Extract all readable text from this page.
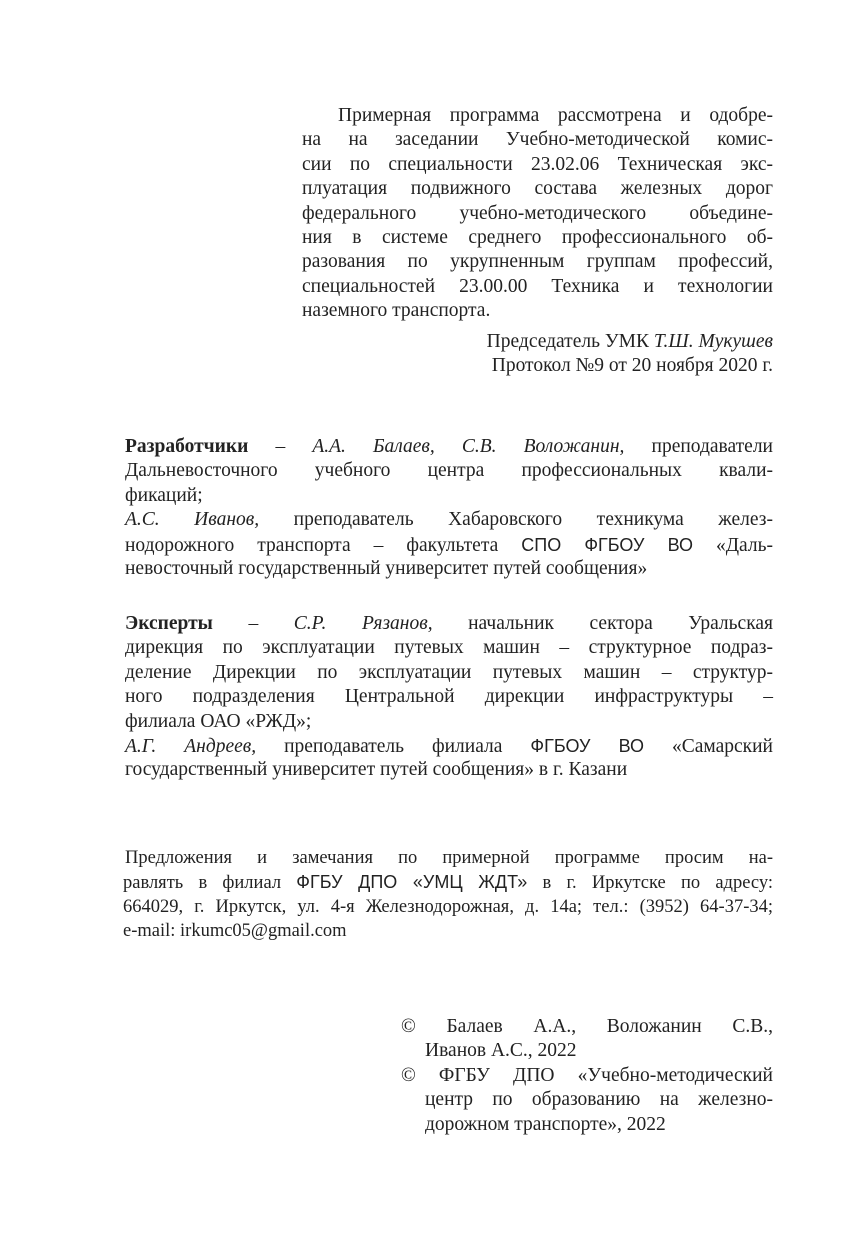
Примерная программа рассмотрена и одобре-
на на заседании Учебно-методической комис-
сии по специальности 23.02.06 Техническая экс-
плуатация подвижного состава железных дорог
федерального учебно-методического объедине-
ния в системе среднего профессионального об-
разования по укрупненным группам профессий,
специальностей 23.00.00 Техника и технологии
наземного транспорта.
Председатель УМК Т.Ш. Мукушев
Протокол №9 от 20 ноября 2020 г.
Разработчики – А.А. Балаев, С.В. Воложанин, преподаватели
Дальневосточного учебного центра профессиональных квали-
фикаций;
А.С. Иванов, преподаватель Хабаровского техникума желез-
нодорожного транспорта – факультета СПО ФГБОУ ВО «Даль-
невосточный государственный университет путей сообщения»
Эксперты – С.Р. Рязанов, начальник сектора Уральская
дирекция по эксплуатации путевых машин – структурное подраз-
деление Дирекции по эксплуатации путевых машин – структур-
ного подразделения Центральной дирекции инфраструктуры –
филиала ОАО «РЖД»;
А.Г. Андреев, преподаватель филиала ФГБОУ ВО «Самарский
государственный университет путей сообщения» в г. Казани
Предложения и замечания по примерной программе просим на-
равлять в филиал ФГБУ ДПО «УМЦ ЖДТ» в г. Иркутске по адресу:
664029, г. Иркутск, ул. 4-я Железнодорожная, д. 14а; тел.: (3952) 64-37-34;
e-mail: irkumc05@gmail.com
© Балаев А.А., Воложанин С.В.,
Иванов А.С., 2022
© ФГБУ ДПО «Учебно-методический
центр по образованию на железно-
дорожном транспорте», 2022
